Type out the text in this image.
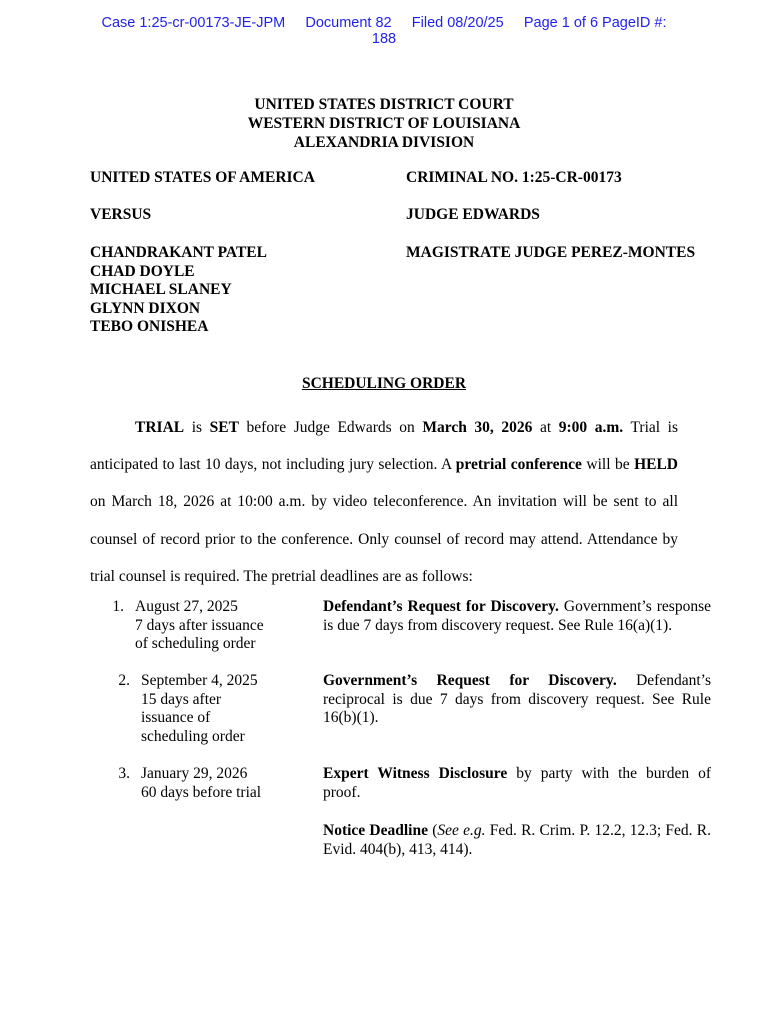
Case 1:25-cr-00173-JE-JPM Document 82 Filed 08/20/25 Page 1 of 6 PageID #:
188
UNITED STATES DISTRICT COURT
WESTERN DISTRICT OF LOUISIANA
ALEXANDRIA DIVISION
UNITED STATES OF AMERICA	CRIMINAL NO. 1:25-CR-00173
VERSUS	JUDGE EDWARDS
MAGISTRATE JUDGE PEREZ-MONTES
CHANDRAKANT PATEL
CHAD DOYLE
MICHAEL SLANEY
GLYNN DIXON
TEBO ONISHEA
SCHEDULING ORDER
TRIAL is SET before Judge Edwards on March 30, 2026 at 9:00 a.m. Trial is anticipated to last 10 days, not including jury selection. A pretrial conference will be HELD on March 18, 2026 at 10:00 a.m. by video teleconference. An invitation will be sent to all counsel of record prior to the conference. Only counsel of record may attend. Attendance by trial counsel is required. The pretrial deadlines are as follows:
1. August 27, 2025
7 days after issuance
of scheduling order
Defendant’s Request for Discovery. Government’s response is due 7 days from discovery request. See Rule 16(a)(1).
2. September 4, 2025
15 days after
issuance of
scheduling order
Government’s Request for Discovery. Defendant’s reciprocal is due 7 days from discovery request. See Rule 16(b)(1).
3. January 29, 2026
60 days before trial
Expert Witness Disclosure by party with the burden of proof.
Notice Deadline (See e.g. Fed. R. Crim. P. 12.2, 12.3; Fed. R. Evid. 404(b), 413, 414).
